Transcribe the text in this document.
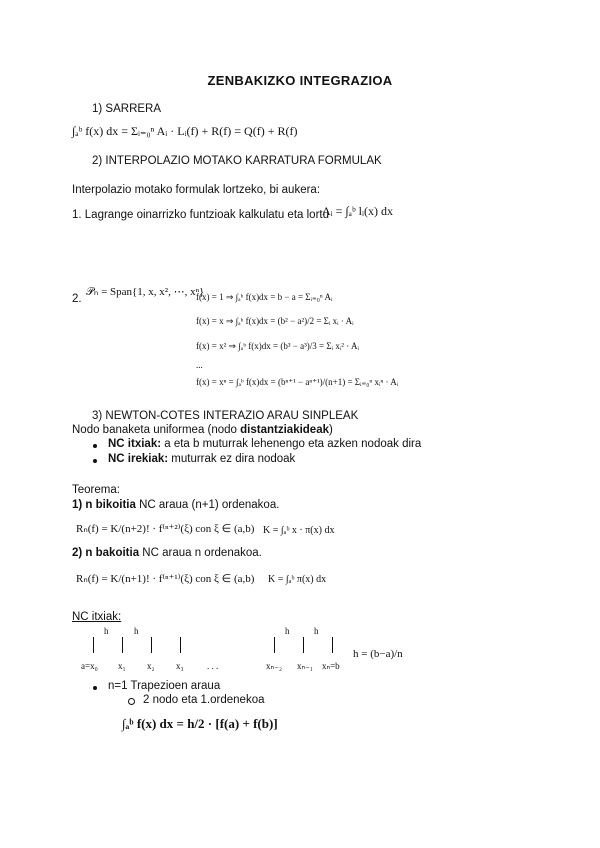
ZENBAKIZKO INTEGRAZIOA
1) SARRERA
∫ₐᵇ f(x) dx = Σᵢ₌₀ⁿ Aᵢ · Lᵢ(f) + R(f) = Q(f) + R(f)
2) INTERPOLAZIO MOTAKO KARRATURA FORMULAK
Interpolazio motako formulak lortzeko, bi aukera:
1. Lagrange oinarrizko funtzioak kalkulatu eta lortu
Aᵢ = ∫ₐᵇ lᵢ(x) dx
2.
𝒫ₙ = Span{1, x, x², ⋯, xⁿ}
f(x) = 1 ⇒ ∫ₐᵇ f(x)dx = b − a = Σᵢ₌₀ⁿ Aᵢ
f(x) = x ⇒ ∫ₐᵇ f(x)dx = (b² − a²)/2 = Σᵢ xᵢ · Aᵢ
f(x) = x² ⇒ ∫ₐᵇ f(x)dx = (b³ − a³)/3 = Σᵢ xᵢ² · Aᵢ
...
f(x) = xⁿ = ∫ₐᵇ f(x)dx = (bⁿ⁺¹ − aⁿ⁺¹)/(n+1) = Σᵢ₌₀ⁿ xᵢⁿ · Aᵢ
3) NEWTON-COTES INTERAZIO ARAU SINPLEAK
Nodo banaketa uniformea (nodo distantziakideak)
NC itxiak: a eta b muturrak lehenengo eta azken nodoak dira
NC irekiak: muturrak ez dira nodoak
Teorema:
1) n bikoitia NC araua (n+1) ordenakoa.
Rₙ(f) = K/(n+2)! · f⁽ⁿ⁺²⁾(ξ) con ξ ∈ (a,b) K = ∫ₐᵇ x · π(x) dx
2) n bakoitia NC araua n ordenakoa.
Rₙ(f) = K/(n+1)! · f⁽ⁿ⁺¹⁾(ξ) con ξ ∈ (a,b) K = ∫ₐᵇ π(x) dx
NC itxiak:
h	h	h	h
a=x₀ x₁ x₂ x₃	. . .	xₙ₋₂ xₙ₋₁ xₙ=b
h = (b−a)/n
n=1 Trapezioen araua
2 nodo eta 1.ordenekoa
∫ₐᵇ f(x) dx = h/2 · [f(a) + f(b)]
